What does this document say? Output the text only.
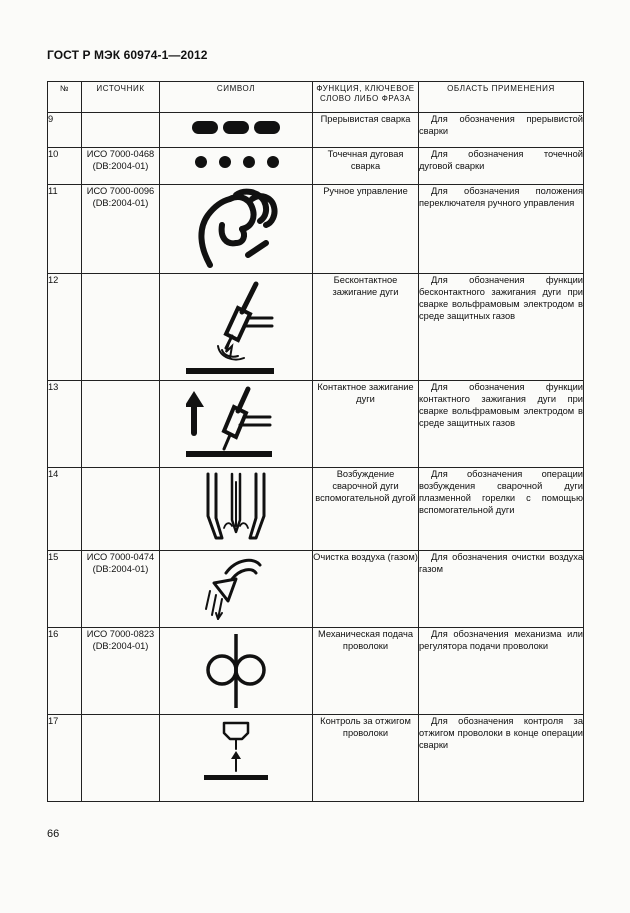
ГОСТ Р МЭК 60974-1—2012
№	ИСТОЧНИК	СИМВОЛ	ФУНКЦИЯ, КЛЮЧЕВОЕ СЛОВО ЛИБО ФРАЗА	ОБЛАСТЬ ПРИМЕНЕНИЯ
9			Прерывистая сварка	Для обозначения прерывистой сварки
10	ИСО 7000-0468 (DB:2004-01)		Точечная дуговая сварка	Для обозначения точечной дуговой сварки
11	ИСО 7000-0096 (DB:2004-01)		Ручное управление	Для обозначения положения переключателя ручного управления
12			Бесконтактное зажигание дуги	Для обозначения функции бесконтактного зажигания дуги при сварке вольфрамовым электродом в среде защитных газов
13			Контактное зажигание дуги	Для обозначения функции контактного зажигания дуги при сварке вольфрамовым электродом в среде защитных газов
14			Возбуждение сварочной дуги вспомогательной дугой	Для обозначения операции возбуждения сварочной дуги плазменной горелки с помощью вспомогательной дуги
15	ИСО 7000-0474 (DB:2004-01)		Очистка воздуха (газом)	Для обозначения очистки воздуха газом
16	ИСО 7000-0823 (DB:2004-01)		Механическая подача проволоки	Для обозначения механизма или регулятора подачи проволоки
17			Контроль за отжигом проволоки	Для обозначения контроля за отжигом проволоки в конце операции сварки
66
